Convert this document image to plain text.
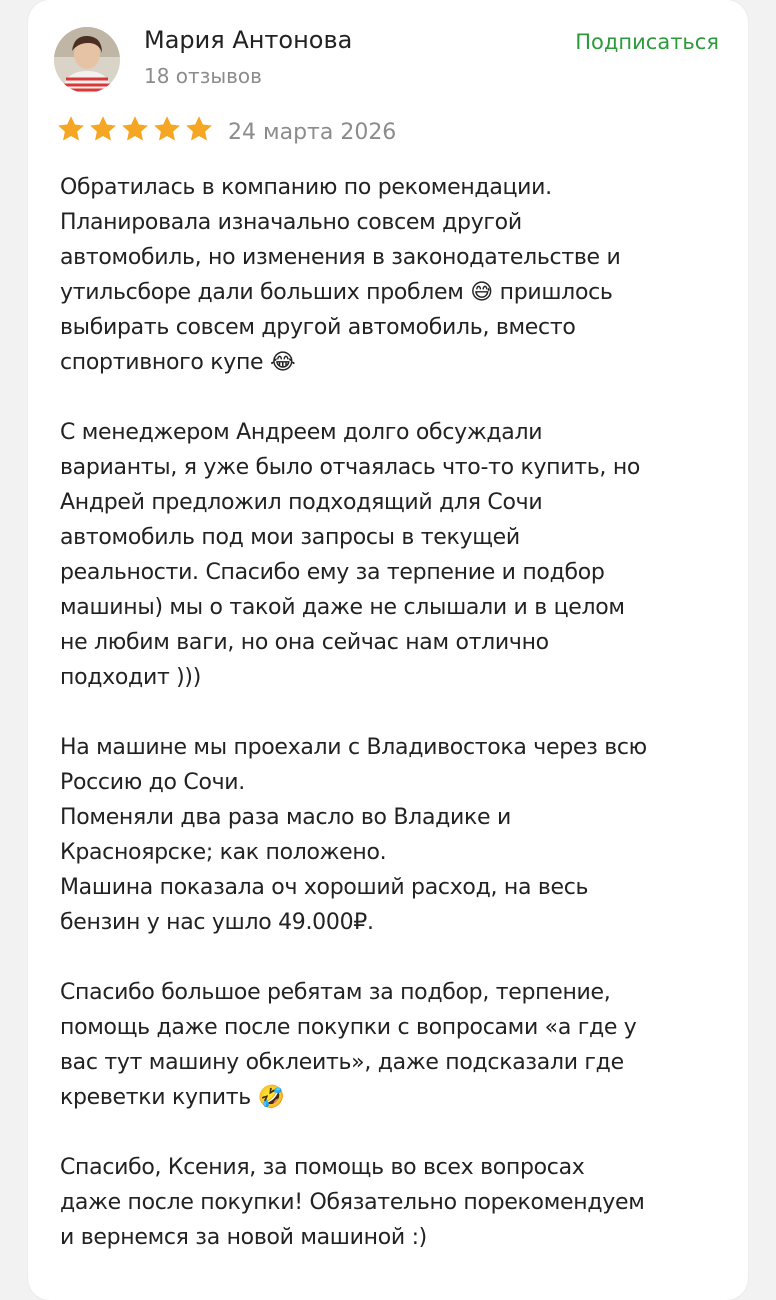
Мария Антонова
18 отзывов
Подписаться
24 марта 2026

Обратилась в компанию по рекомендации.
Планировала изначально совсем другой
автомобиль, но изменения в законодательстве и
утильсборе дали больших проблем 😅 пришлось
выбирать совсем другой автомобиль, вместо
спортивного купе 😂

С менеджером Андреем долго обсуждали
варианты, я уже было отчаялась что-то купить, но
Андрей предложил подходящий для Сочи
автомобиль под мои запросы в текущей
реальности. Спасибо ему за терпение и подбор
машины) мы о такой даже не слышали и в целом
не любим ваги, но она сейчас нам отлично
подходит )))

На машине мы проехали с Владивостока через всю
Россию до Сочи.
Поменяли два раза масло во Владике и
Красноярске; как положено.
Машина показала оч хороший расход, на весь
бензин у нас ушло 49.000₽.

Спасибо большое ребятам за подбор, терпение,
помощь даже после покупки с вопросами «а где у
вас тут машину обклеить», даже подсказали где
креветки купить 🤣

Спасибо, Ксения, за помощь во всех вопросах
даже после покупки! Обязательно порекомендуем
и вернемся за новой машиной :)
